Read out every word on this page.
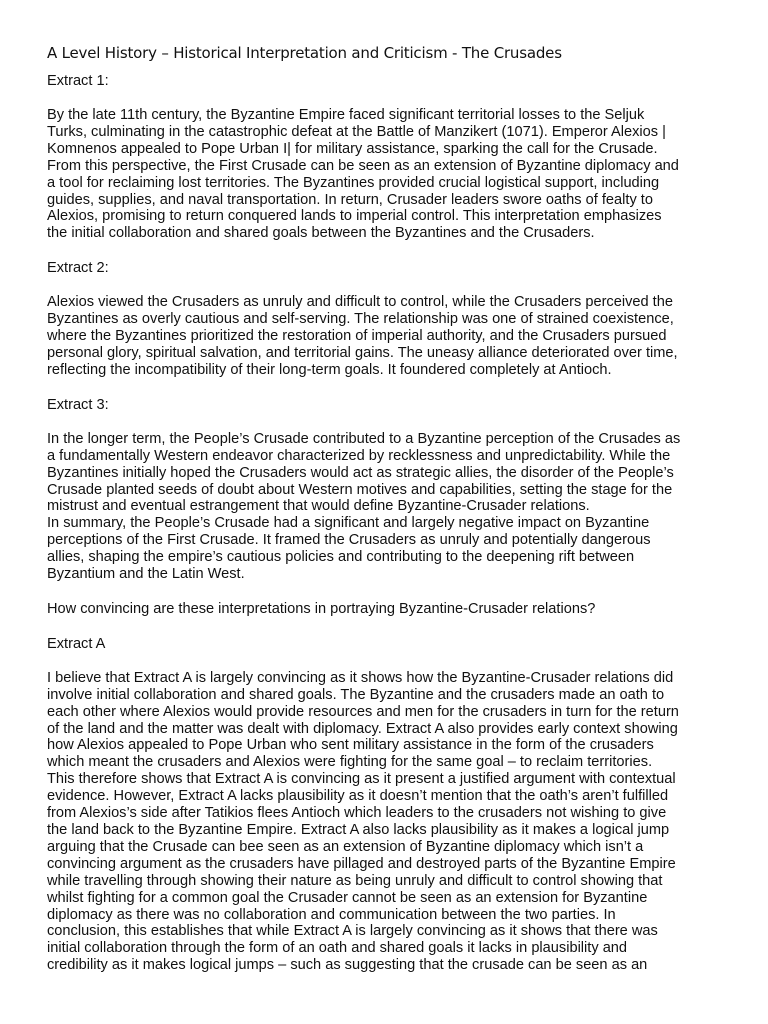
A Level History – Historical Interpretation and Criticism - The Crusades

Extract 1:

By the late 11th century, the Byzantine Empire faced significant territorial losses to the Seljuk
Turks, culminating in the catastrophic defeat at the Battle of Manzikert (1071). Emperor Alexios |
Komnenos appealed to Pope Urban I| for military assistance, sparking the call for the Crusade.
From this perspective, the First Crusade can be seen as an extension of Byzantine diplomacy and
a tool for reclaiming lost territories. The Byzantines provided crucial logistical support, including
guides, supplies, and naval transportation. In return, Crusader leaders swore oaths of fealty to
Alexios, promising to return conquered lands to imperial control. This interpretation emphasizes
the initial collaboration and shared goals between the Byzantines and the Crusaders.

Extract 2:

Alexios viewed the Crusaders as unruly and difficult to control, while the Crusaders perceived the
Byzantines as overly cautious and self-serving. The relationship was one of strained coexistence,
where the Byzantines prioritized the restoration of imperial authority, and the Crusaders pursued
personal glory, spiritual salvation, and territorial gains. The uneasy alliance deteriorated over time,
reflecting the incompatibility of their long-term goals. It foundered completely at Antioch.

Extract 3:

In the longer term, the People’s Crusade contributed to a Byzantine perception of the Crusades as
a fundamentally Western endeavor characterized by recklessness and unpredictability. While the
Byzantines initially hoped the Crusaders would act as strategic allies, the disorder of the People’s
Crusade planted seeds of doubt about Western motives and capabilities, setting the stage for the
mistrust and eventual estrangement that would define Byzantine-Crusader relations.
In summary, the People’s Crusade had a significant and largely negative impact on Byzantine
perceptions of the First Crusade. It framed the Crusaders as unruly and potentially dangerous
allies, shaping the empire’s cautious policies and contributing to the deepening rift between
Byzantium and the Latin West.

How convincing are these interpretations in portraying Byzantine-Crusader relations?

Extract A

I believe that Extract A is largely convincing as it shows how the Byzantine-Crusader relations did
involve initial collaboration and shared goals. The Byzantine and the crusaders made an oath to
each other where Alexios would provide resources and men for the crusaders in turn for the return
of the land and the matter was dealt with diplomacy. Extract A also provides early context showing
how Alexios appealed to Pope Urban who sent military assistance in the form of the crusaders
which meant the crusaders and Alexios were fighting for the same goal – to reclaim territories.
This therefore shows that Extract A is convincing as it present a justified argument with contextual
evidence. However, Extract A lacks plausibility as it doesn’t mention that the oath’s aren’t fulfilled
from Alexios’s side after Tatikios flees Antioch which leaders to the crusaders not wishing to give
the land back to the Byzantine Empire. Extract A also lacks plausibility as it makes a logical jump
arguing that the Crusade can bee seen as an extension of Byzantine diplomacy which isn’t a
convincing argument as the crusaders have pillaged and destroyed parts of the Byzantine Empire
while travelling through showing their nature as being unruly and difficult to control showing that
whilst fighting for a common goal the Crusader cannot be seen as an extension for Byzantine
diplomacy as there was no collaboration and communication between the two parties. In
conclusion, this establishes that while Extract A is largely convincing as it shows that there was
initial collaboration through the form of an oath and shared goals it lacks in plausibility and
credibility as it makes logical jumps – such as suggesting that the crusade can be seen as an
